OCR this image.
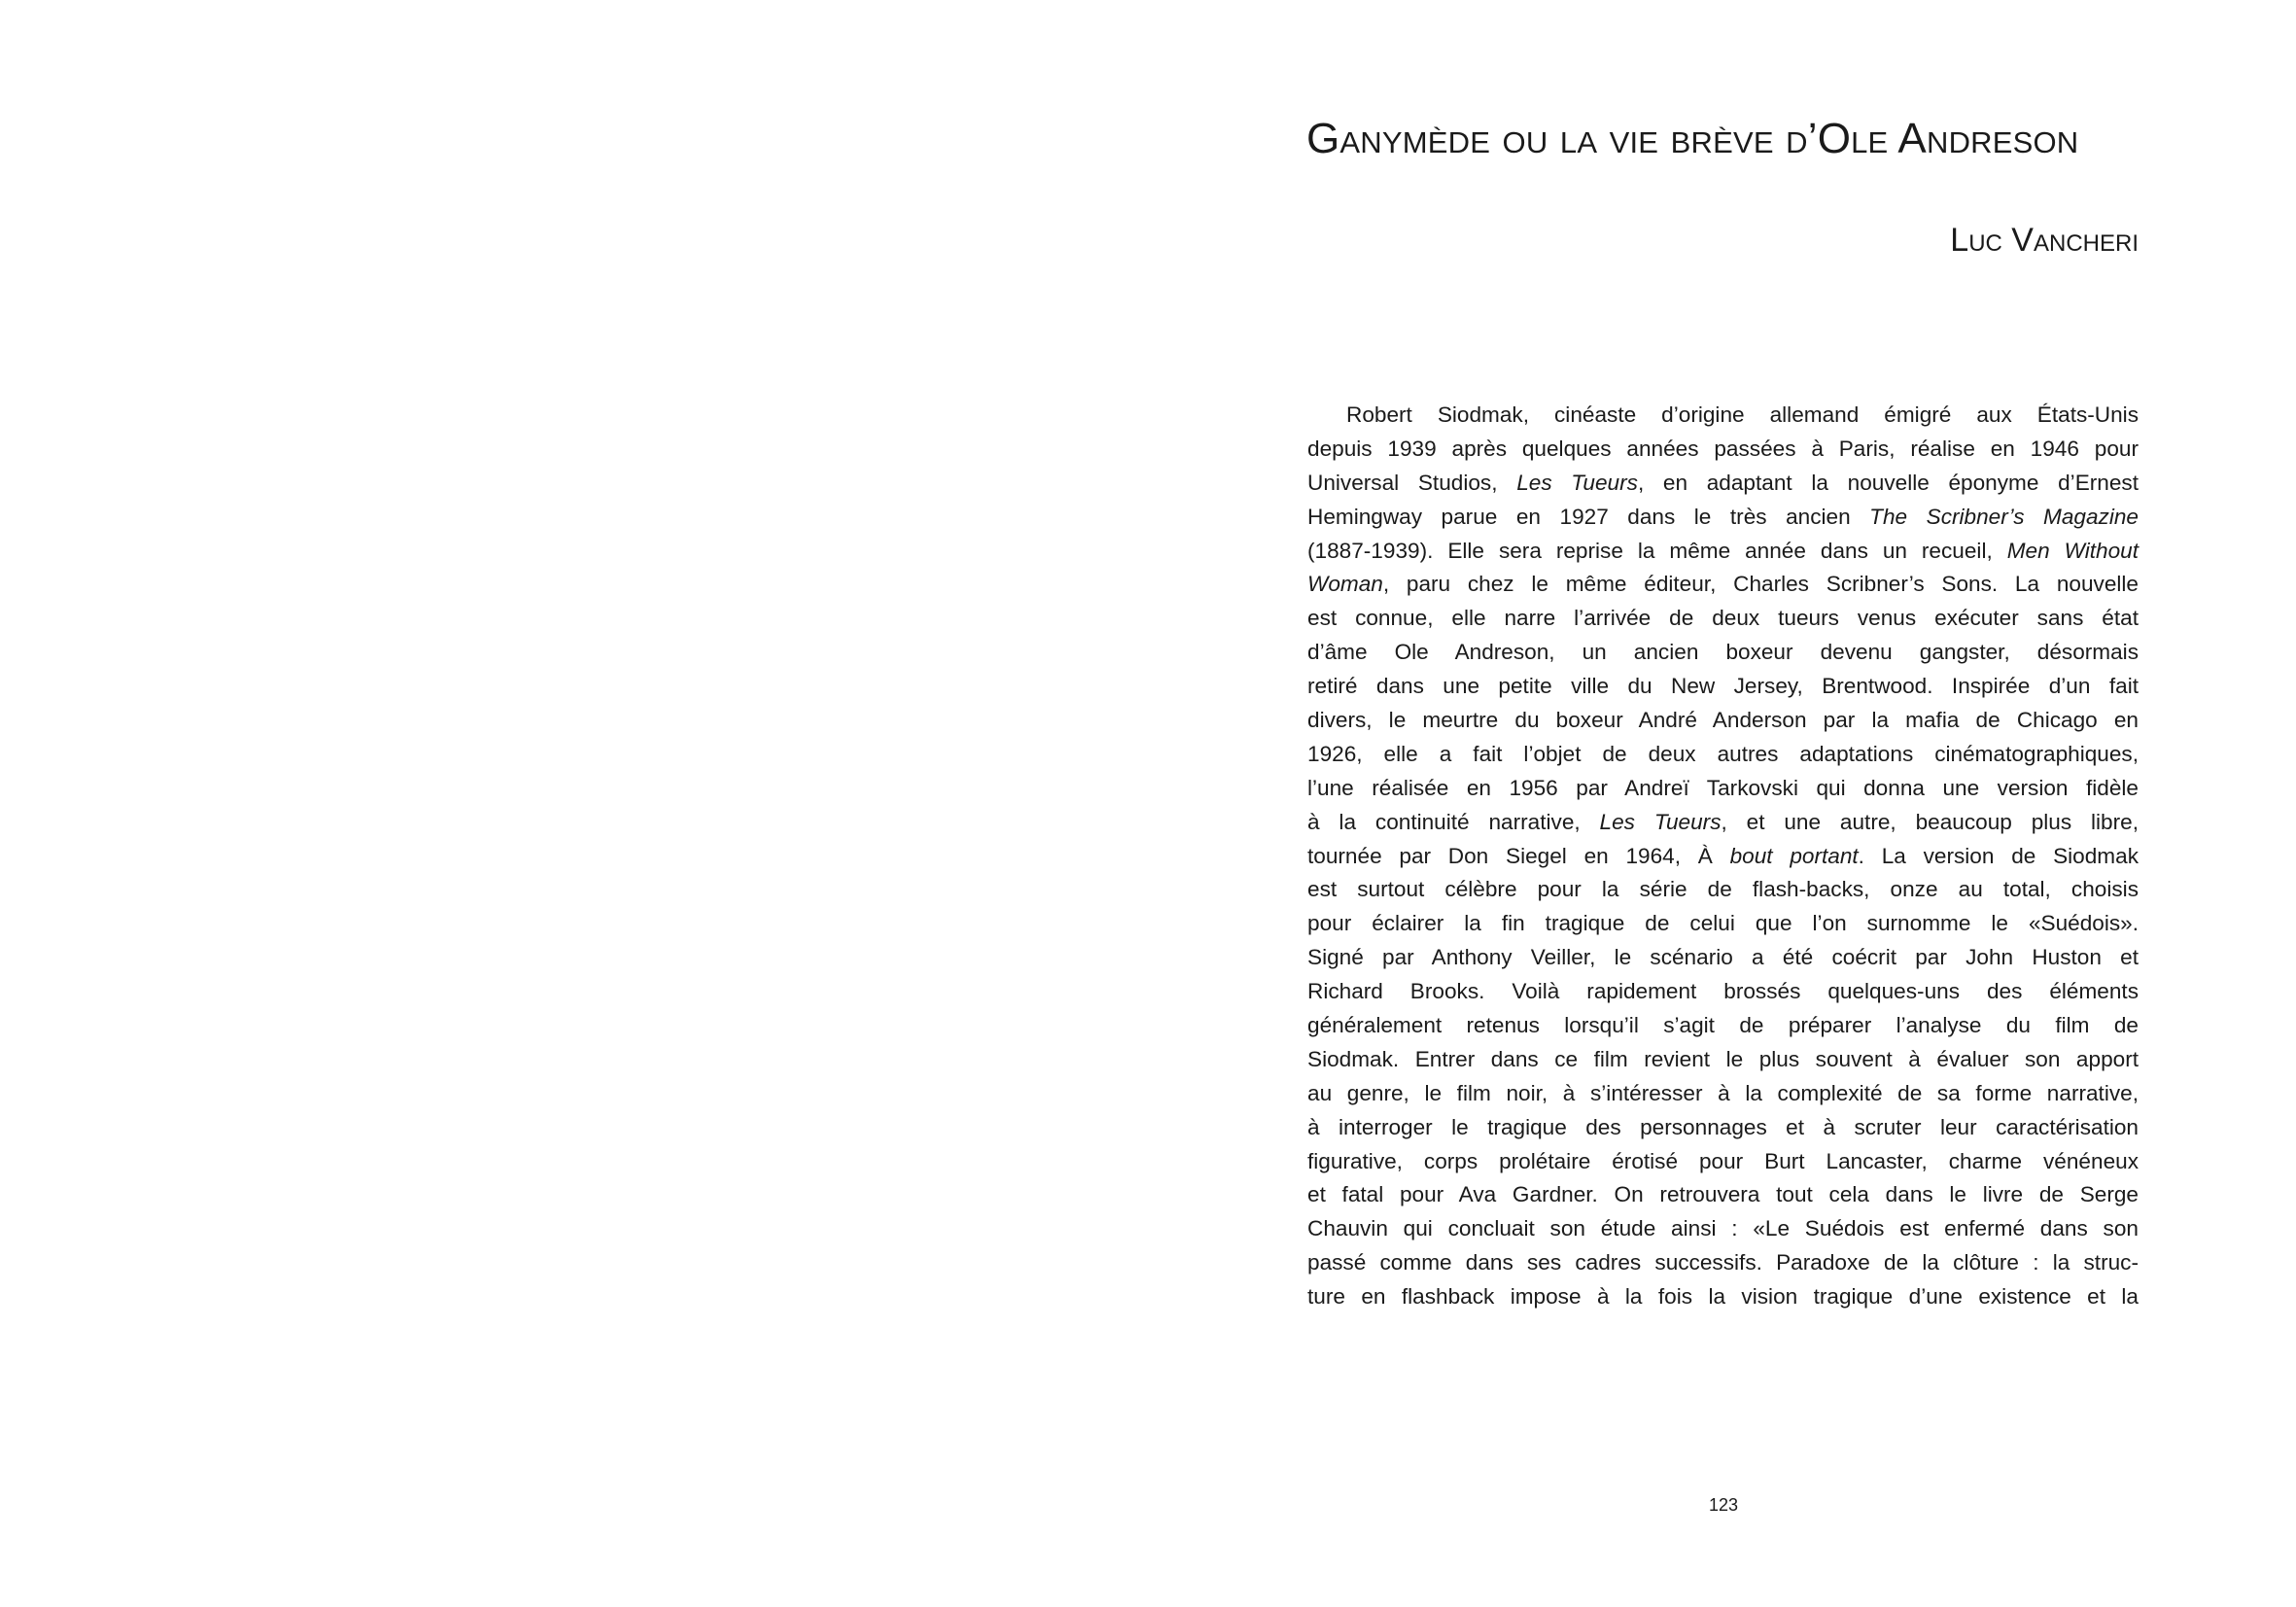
Ganymède ou la vie brève d’Ole Andreson
Luc Vancheri
Robert Siodmak, cinéaste d’origine allemand émigré aux États-Unis
depuis 1939 après quelques années passées à Paris, réalise en 1946 pour
Universal Studios, Les Tueurs, en adaptant la nouvelle éponyme d’Ernest
Hemingway parue en 1927 dans le très ancien The Scribner’s Magazine
(1887-1939). Elle sera reprise la même année dans un recueil, Men Without
Woman, paru chez le même éditeur, Charles Scribner’s Sons. La nouvelle
est connue, elle narre l’arrivée de deux tueurs venus exécuter sans état
d’âme Ole Andreson, un ancien boxeur devenu gangster, désormais
retiré dans une petite ville du New Jersey, Brentwood. Inspirée d’un fait
divers, le meurtre du boxeur André Anderson par la mafia de Chicago en
1926, elle a fait l’objet de deux autres adaptations cinématographiques,
l’une réalisée en 1956 par Andreï Tarkovski qui donna une version fidèle
à la continuité narrative, Les Tueurs, et une autre, beaucoup plus libre,
tournée par Don Siegel en 1964, À bout portant. La version de Siodmak
est surtout célèbre pour la série de flash-backs, onze au total, choisis
pour éclairer la fin tragique de celui que l’on surnomme le «Suédois».
Signé par Anthony Veiller, le scénario a été coécrit par John Huston et
Richard Brooks. Voilà rapidement brossés quelques-uns des éléments
généralement retenus lorsqu’il s’agit de préparer l’analyse du film de
Siodmak. Entrer dans ce film revient le plus souvent à évaluer son apport
au genre, le film noir, à s’intéresser à la complexité de sa forme narrative,
à interroger le tragique des personnages et à scruter leur caractérisation
figurative, corps prolétaire érotisé pour Burt Lancaster, charme vénéneux
et fatal pour Ava Gardner. On retrouvera tout cela dans le livre de Serge
Chauvin qui concluait son étude ainsi : «Le Suédois est enfermé dans son
passé comme dans ses cadres successifs. Paradoxe de la clôture : la struc-
ture en flashback impose à la fois la vision tragique d’une existence et la
123
